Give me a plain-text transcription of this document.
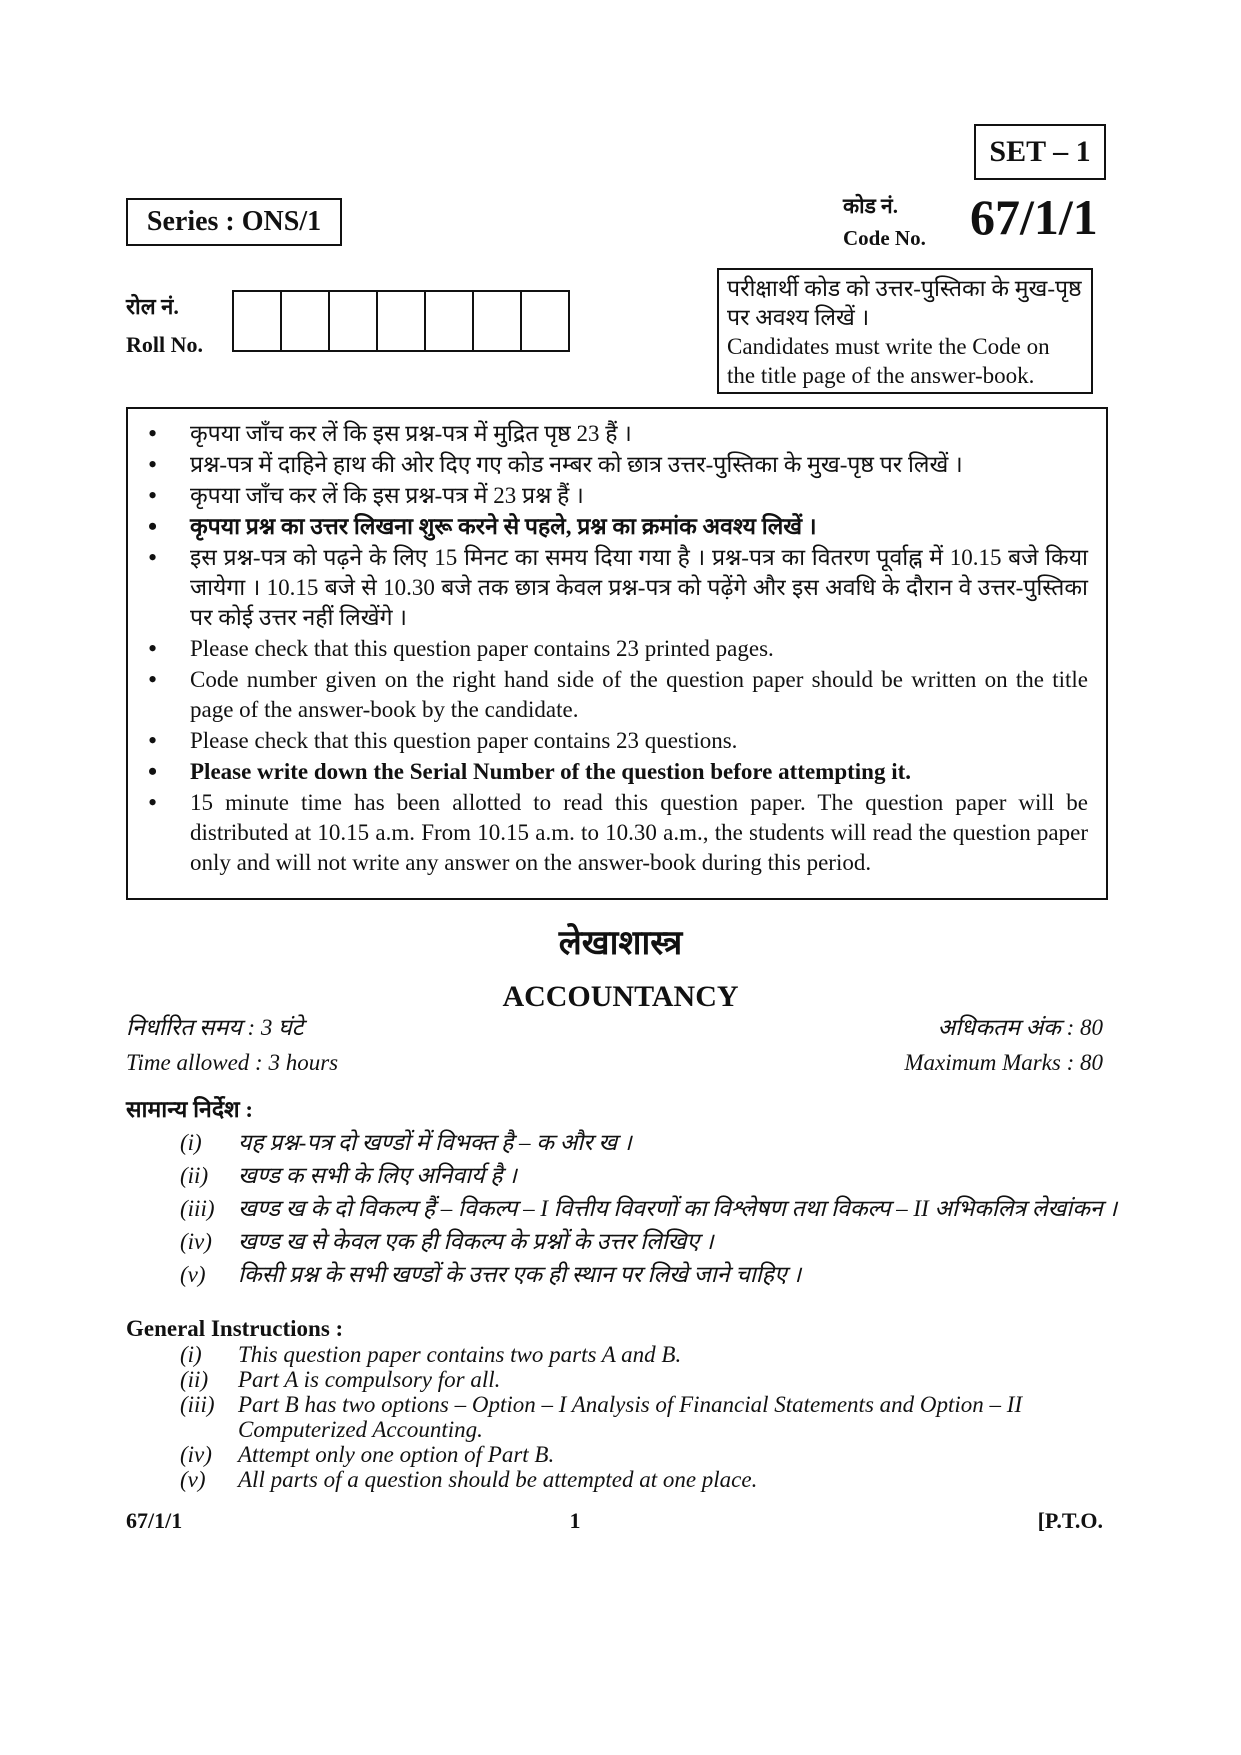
SET – 1
Series : ONS/1	कोड नं.
Code No. 67/1/1
रोल नं.
Roll No.
परीक्षार्थी कोड को उत्तर-पुस्तिका के मुख-पृष्ठ पर अवश्य लिखें ।
Candidates must write the Code on the title page of the answer-book.
• कृपया जाँच कर लें कि इस प्रश्न-पत्र में मुद्रित पृष्ठ 23 हैं ।
• प्रश्न-पत्र में दाहिने हाथ की ओर दिए गए कोड नम्बर को छात्र उत्तर-पुस्तिका के मुख-पृष्ठ पर लिखें ।
• कृपया जाँच कर लें कि इस प्रश्न-पत्र में 23 प्रश्न हैं ।
• कृपया प्रश्न का उत्तर लिखना शुरू करने से पहले, प्रश्न का क्रमांक अवश्य लिखें ।
• इस प्रश्न-पत्र को पढ़ने के लिए 15 मिनट का समय दिया गया है । प्रश्न-पत्र का वितरण पूर्वाह्न में 10.15 बजे किया जायेगा । 10.15 बजे से 10.30 बजे तक छात्र केवल प्रश्न-पत्र को पढ़ेंगे और इस अवधि के दौरान वे उत्तर-पुस्तिका पर कोई उत्तर नहीं लिखेंगे ।
• Please check that this question paper contains 23 printed pages.
• Code number given on the right hand side of the question paper should be written on the title page of the answer-book by the candidate.
• Please check that this question paper contains 23 questions.
• Please write down the Serial Number of the question before attempting it.
• 15 minute time has been allotted to read this question paper. The question paper will be distributed at 10.15 a.m. From 10.15 a.m. to 10.30 a.m., the students will read the question paper only and will not write any answer on the answer-book during this period.
लेखाशास्त्र
ACCOUNTANCY
निर्धारित समय : 3 घंटे	अधिकतम अंक : 80
Time allowed : 3 hours	Maximum Marks : 80
सामान्य निर्देश :
(i)	यह प्रश्न-पत्र दो खण्डों में विभक्त है – क और ख ।
(ii)	खण्ड क सभी के लिए अनिवार्य है ।
(iii)	खण्ड ख के दो विकल्प हैं – विकल्प – I वित्तीय विवरणों का विश्लेषण तथा विकल्प – II अभिकलित्र लेखांकन ।
(iv)	खण्ड ख से केवल एक ही विकल्प के प्रश्नों के उत्तर लिखिए ।
(v)	किसी प्रश्न के सभी खण्डों के उत्तर एक ही स्थान पर लिखे जाने चाहिए ।
General Instructions :
(i)	This question paper contains two parts A and B.
(ii)	Part A is compulsory for all.
(iii)	Part B has two options – Option – I Analysis of Financial Statements and Option – II Computerized Accounting.
(iv)	Attempt only one option of Part B.
(v)	All parts of a question should be attempted at one place.
67/1/1	1	[P.T.O.
